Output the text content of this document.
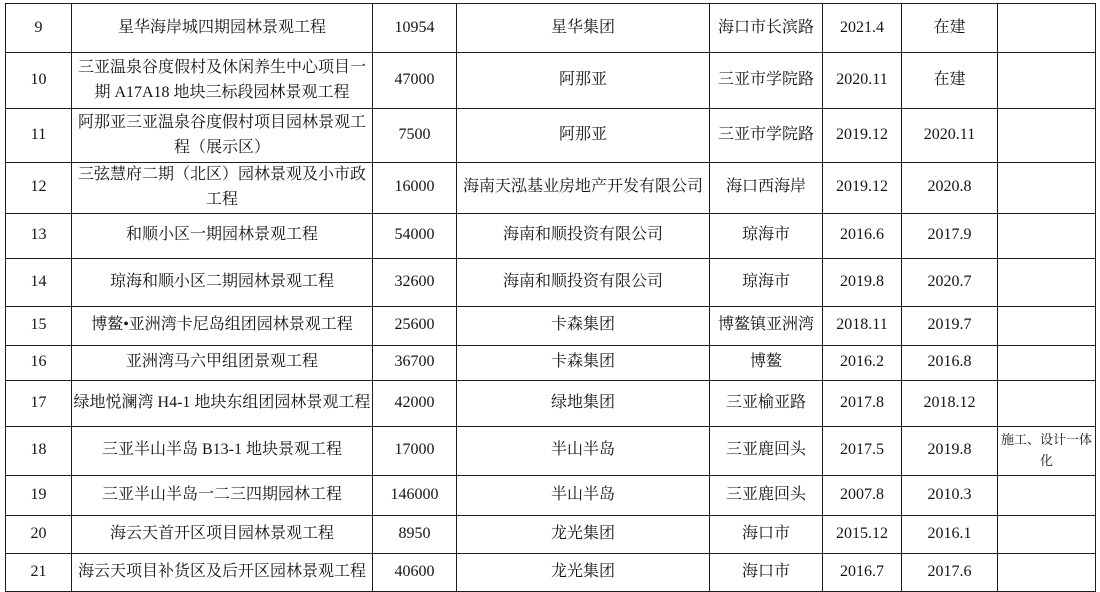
9	星华海岸城四期园林景观工程	10954	星华集团	海口市长滨路	2021.4	在建	
10	三亚温泉谷度假村及休闲养生中心项目一期 A17A18 地块三标段园林景观工程	47000	阿那亚	三亚市学院路	2020.11	在建	
11	阿那亚三亚温泉谷度假村项目园林景观工程（展示区）	7500	阿那亚	三亚市学院路	2019.12	2020.11	
12	三弦慧府二期（北区）园林景观及小市政工程	16000	海南天泓基业房地产开发有限公司	海口西海岸	2019.12	2020.8	
13	和顺小区一期园林景观工程	54000	海南和顺投资有限公司	琼海市	2016.6	2017.9	
14	琼海和顺小区二期园林景观工程	32600	海南和顺投资有限公司	琼海市	2019.8	2020.7	
15	博鳌•亚洲湾卡尼岛组团园林景观工程	25600	卡森集团	博鳌镇亚洲湾	2018.11	2019.7	
16	亚洲湾马六甲组团景观工程	36700	卡森集团	博鳌	2016.2	2016.8	
17	绿地悦澜湾 H4-1 地块东组团园林景观工程	42000	绿地集团	三亚榆亚路	2017.8	2018.12	
18	三亚半山半岛 B13-1 地块景观工程	17000	半山半岛	三亚鹿回头	2017.5	2019.8	施工、设计一体化
19	三亚半山半岛一二三四期园林工程	146000	半山半岛	三亚鹿回头	2007.8	2010.3	
20	海云天首开区项目园林景观工程	8950	龙光集团	海口市	2015.12	2016.1	
21	海云天项目补货区及后开区园林景观工程	40600	龙光集团	海口市	2016.7	2017.6	
